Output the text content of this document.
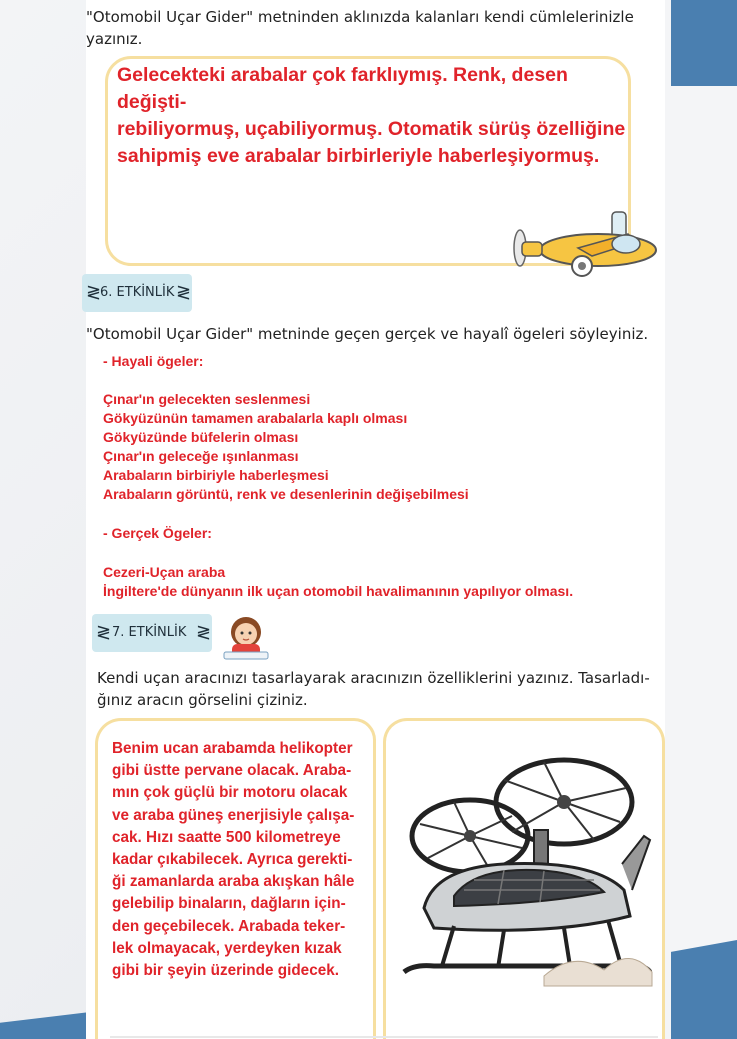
"Otomobil Uçar Gider" metninden aklınızda kalanları kendi cümlelerinizle yazınız.
Gelecekteki arabalar çok farklıymış. Renk, desen değişti-
rebiliyormuş, uçabiliyormuş. Otomatik sürüş özelliğine
sahipmiş eve arabalar birbirleriyle haberleşiyormuş.
≷
6. ETKİNLİK ≷
"Otomobil Uçar Gider" metninde geçen gerçek ve hayalî ögeleri söyleyiniz.
- Hayali ögeler:
Çınar'ın gelecekten seslenmesi
Gökyüzünün tamamen arabalarla kaplı olması
Gökyüzünde büfelerin olması
Çınar'ın geleceğe ışınlanması
Arabaların birbiriyle haberleşmesi
Arabaların görüntü, renk ve desenlerinin değişebilmesi
- Gerçek Ögeler:
Cezeri-Uçan araba
İngiltere'de dünyanın ilk uçan otomobil havalimanının yapılıyor olması.
≷ 7. ETKİNLİK ≷
Kendi uçan aracınızı tasarlayarak aracınızın özelliklerini yazınız. Tasarladı-
ğınız aracın görselini çiziniz.
Benim ucan arabamda helikopter
gibi üstte pervane olacak. Araba-
mın çok güçlü bir motoru olacak
ve araba güneş enerjisiyle çalışa-
cak. Hızı saatte 500 kilometreye
kadar çıkabilecek. Ayrıca gerekti-
ği zamanlarda araba akışkan hâle
gelebilip binaların, dağların için-
den geçebilecek. Arabada teker-
lek olmayacak, yerdeyken kızak
gibi bir şeyin üzerinde gidecek.
